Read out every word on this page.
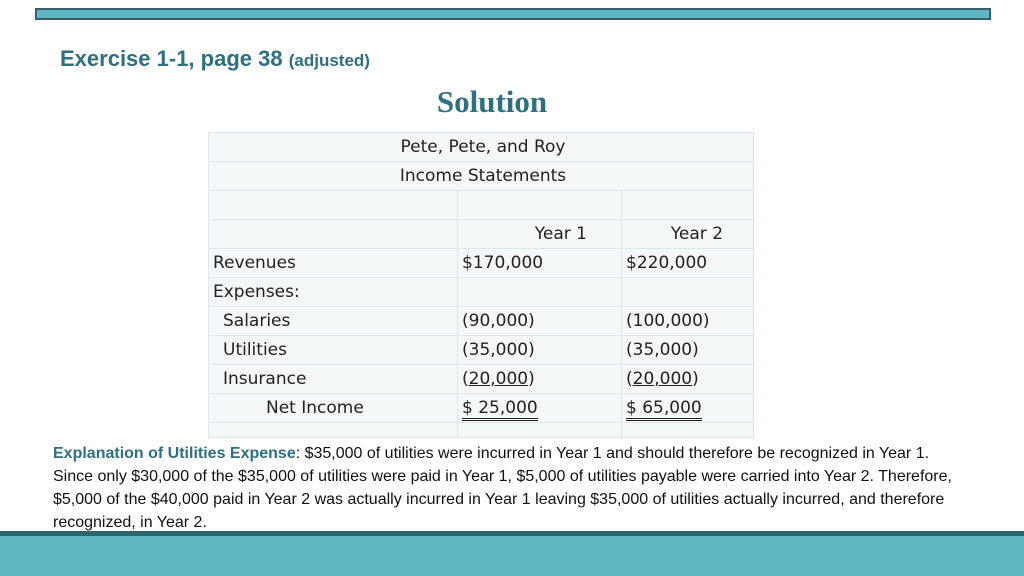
Exercise 1-1, page 38 (adjusted)
Solution
Pete, Pete, and Roy		
Income Statements		

	Year 1	Year 2
Revenues	$170,000	$220,000
Expenses:		
Salaries	(90,000)	(100,000)
Utilities	(35,000)	(35,000)
Insurance	(20,000)	(20,000)
Net Income	$ 25,000	$ 65,000

Explanation of Utilities Expense: $35,000 of utilities were incurred in Year 1 and should therefore be recognized in Year 1. Since only $30,000 of the $35,000 of utilities were paid in Year 1, $5,000 of utilities payable were carried into Year 2. Therefore, $5,000 of the $40,000 paid in Year 2 was actually incurred in Year 1 leaving $35,000 of utilities actually incurred, and therefore recognized, in Year 2.
